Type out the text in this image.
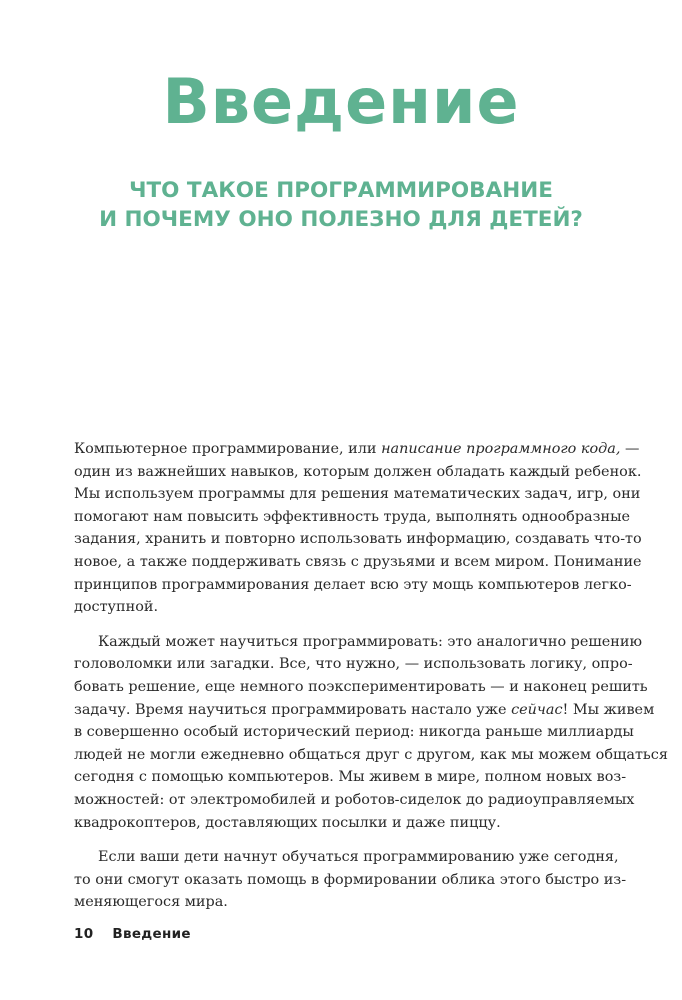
Введение
ЧТО ТАКОЕ ПРОГРАММИРОВАНИЕ
И ПОЧЕМУ ОНО ПОЛЕЗНО ДЛЯ ДЕТЕЙ?

Компьютерное программирование, или написание программного кода, —
один из важнейших навыков, которым должен обладать каждый ребенок.
Мы используем программы для решения математических задач, игр, они
помогают нам повысить эффективность труда, выполнять однообразные
задания, хранить и повторно использовать информацию, создавать что-то
новое, а также поддерживать связь с друзьями и всем миром. Понимание
принципов программирования делает всю эту мощь компьютеров легко-
доступной.

Каждый может научиться программировать: это аналогично решению
головоломки или загадки. Все, что нужно, — использовать логику, опро-
бовать решение, еще немного поэкспериментировать — и наконец решить
задачу. Время научиться программировать настало уже сейчас! Мы живем
в совершенно особый исторический период: никогда раньше миллиарды
людей не могли ежедневно общаться друг с другом, как мы можем общаться
сегодня с помощью компьютеров. Мы живем в мире, полном новых воз-
можностей: от электромобилей и роботов-сиделок до радиоуправляемых
квадрокоптеров, доставляющих посылки и даже пиццу.

Если ваши дети начнут обучаться программированию уже сегодня,
то они смогут оказать помощь в формировании облика этого быстро из-
меняющегося мира.

10 Введение
